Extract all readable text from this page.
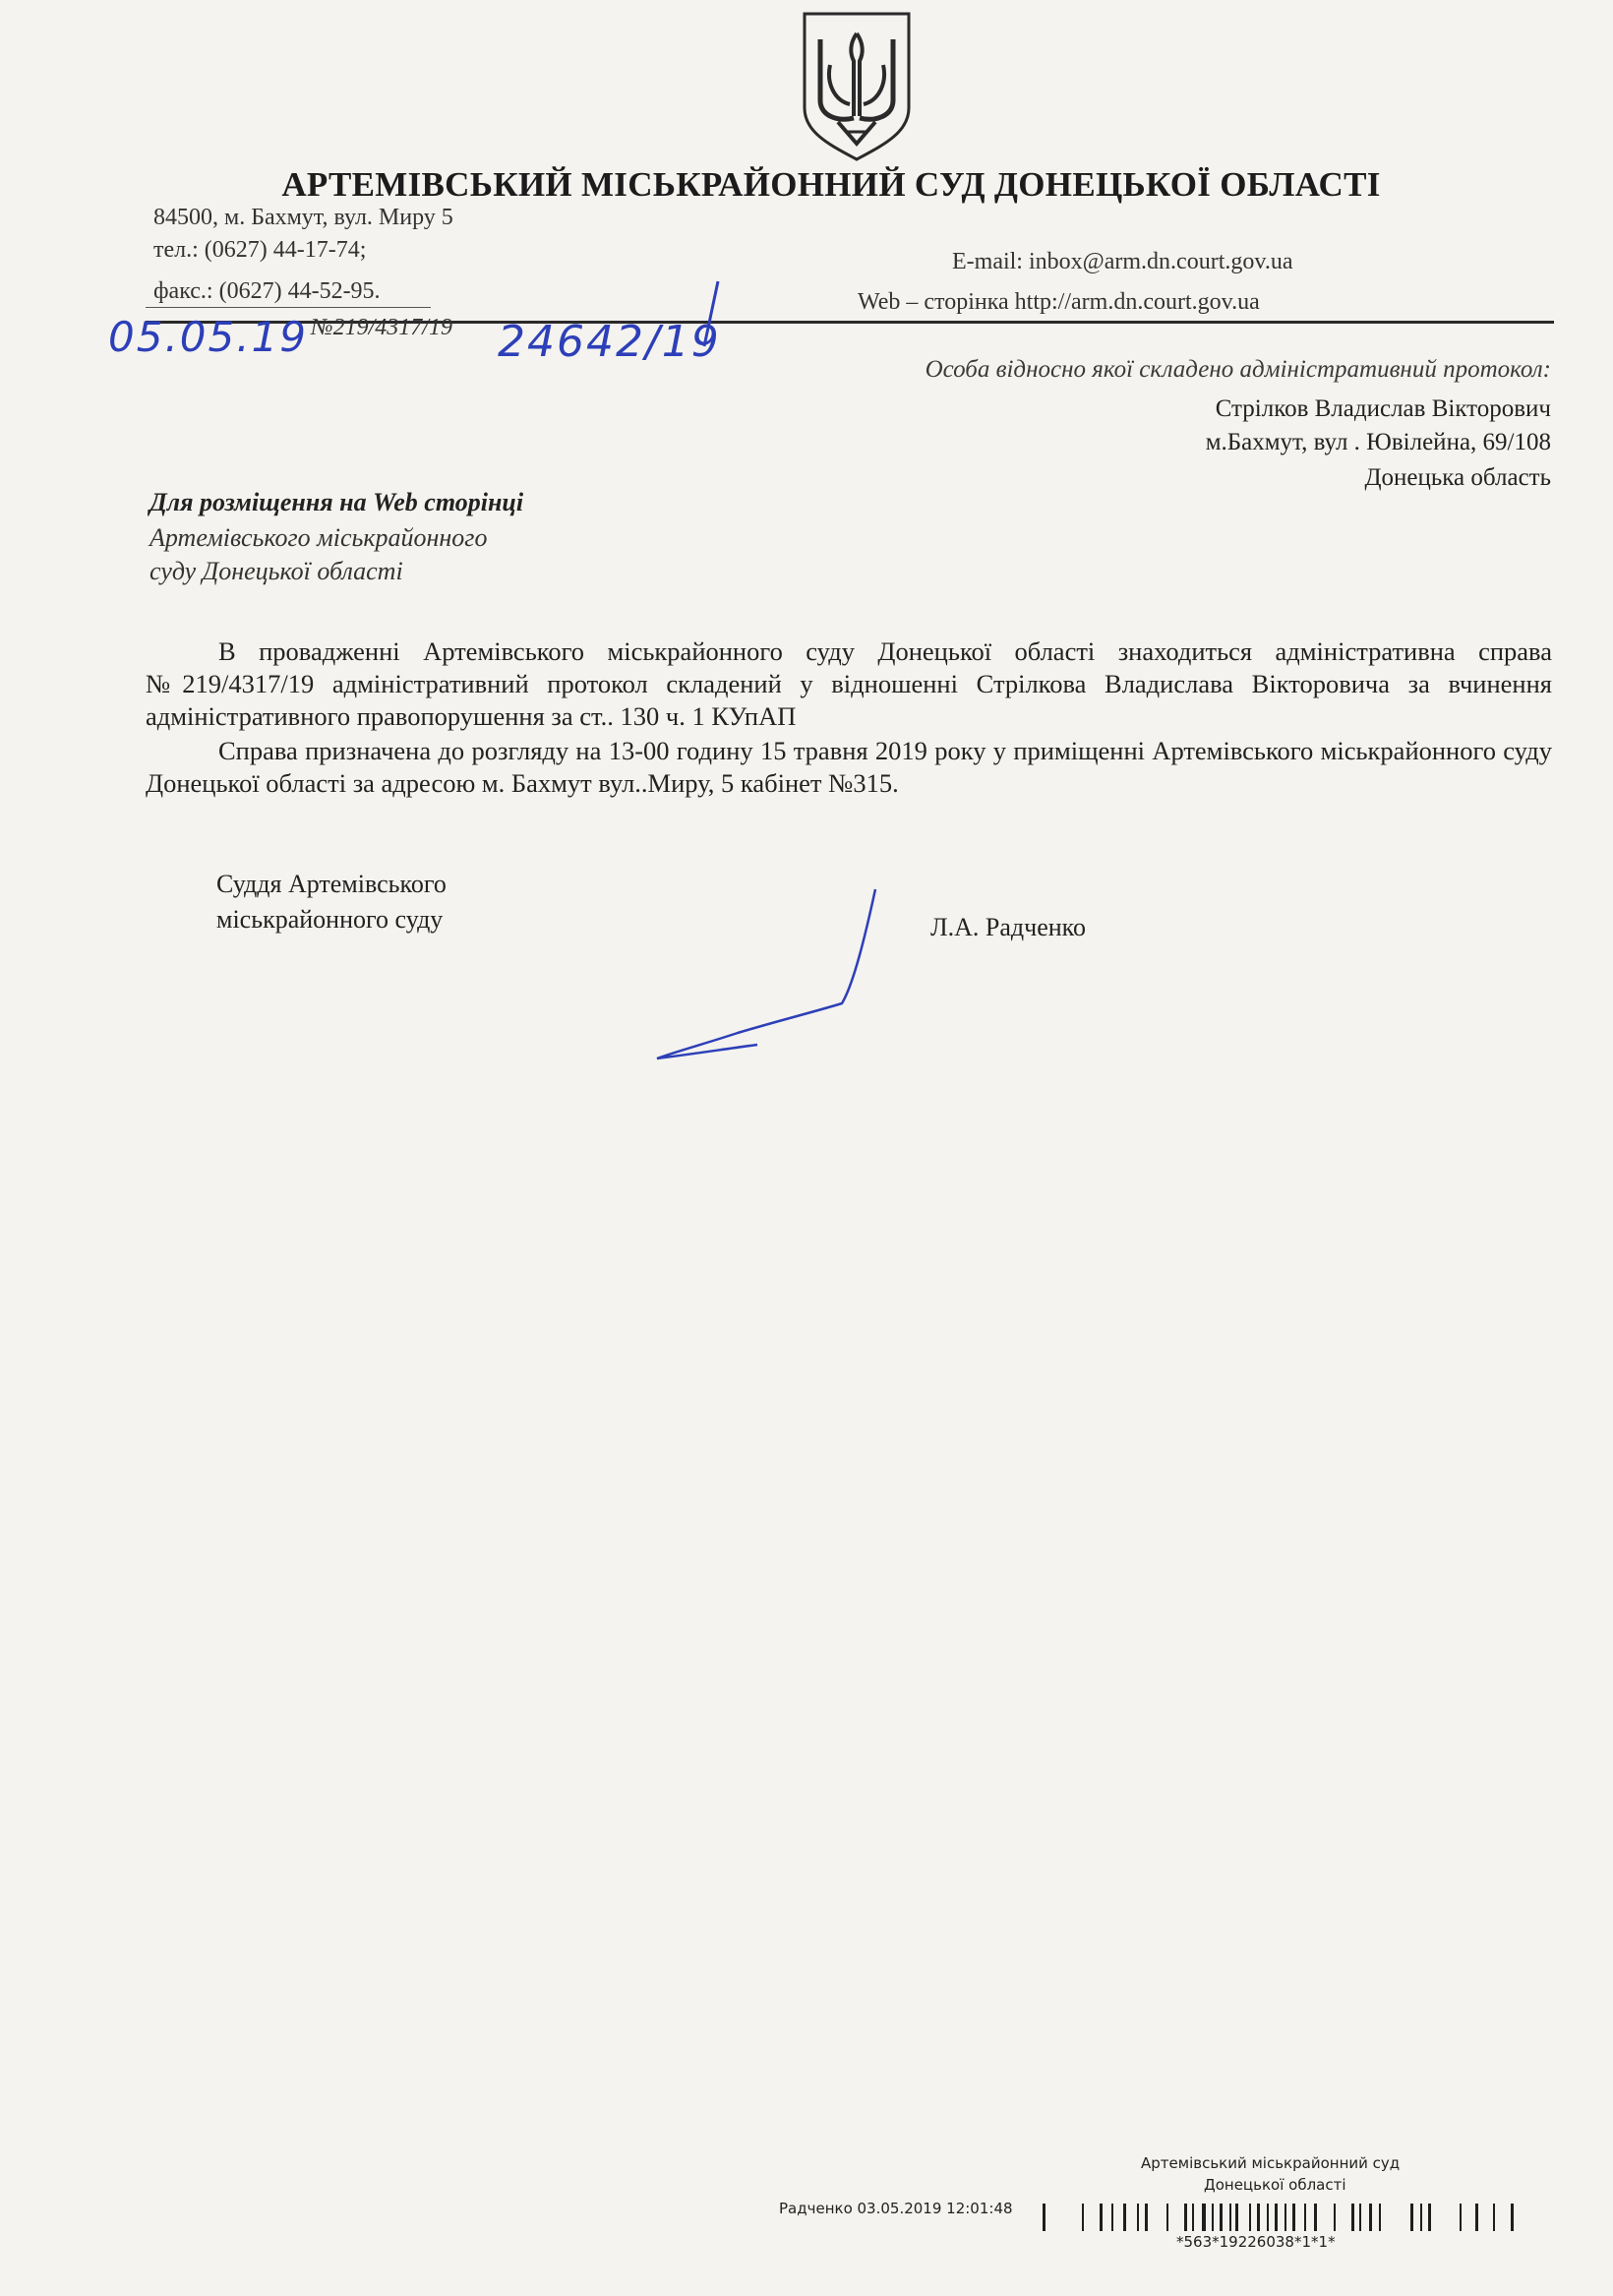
АРТЕМІВСЬКИЙ МІСЬКРАЙОННИЙ СУД ДОНЕЦЬКОЇ ОБЛАСТІ
84500, м. Бахмут, вул. Миру 5
тел.: (0627) 44-17-74;
факс.: (0627) 44-52-95.
E-mail: inbox@arm.dn.court.gov.ua
Web – сторінка http://arm.dn.court.gov.ua
05.05.19 №219/4317/19 24642/19
Особа відносно якої складено адміністративний протокол:
Стрілков Владислав Вікторович
м.Бахмут, вул . Ювілейна, 69/108
Донецька область
Для розміщення на Web сторінці
Артемівського міськрайонного
суду Донецької області

В провадженні Артемівського міськрайонного суду Донецької області знаходиться адміністративна справа №219/4317/19 адміністративний протокол складений у відношенні Стрілкова Владислава Вікторовича за вчинення адміністративного правопорушення за ст.. 130 ч. 1 КУпАП

Справа призначена до розгляду на 13-00 годину 15 травня 2019 року у приміщенні Артемівського міськрайонного суду Донецької області за адресою м. Бахмут вул..Миру, 5 кабінет №315.

Суддя Артемівського
міськрайонного суду	Л.А. Радченко
Артемівський міськрайонний суд
Донецької області
Радченко 03.05.2019 12:01:48
*563*19226038*1*1*
